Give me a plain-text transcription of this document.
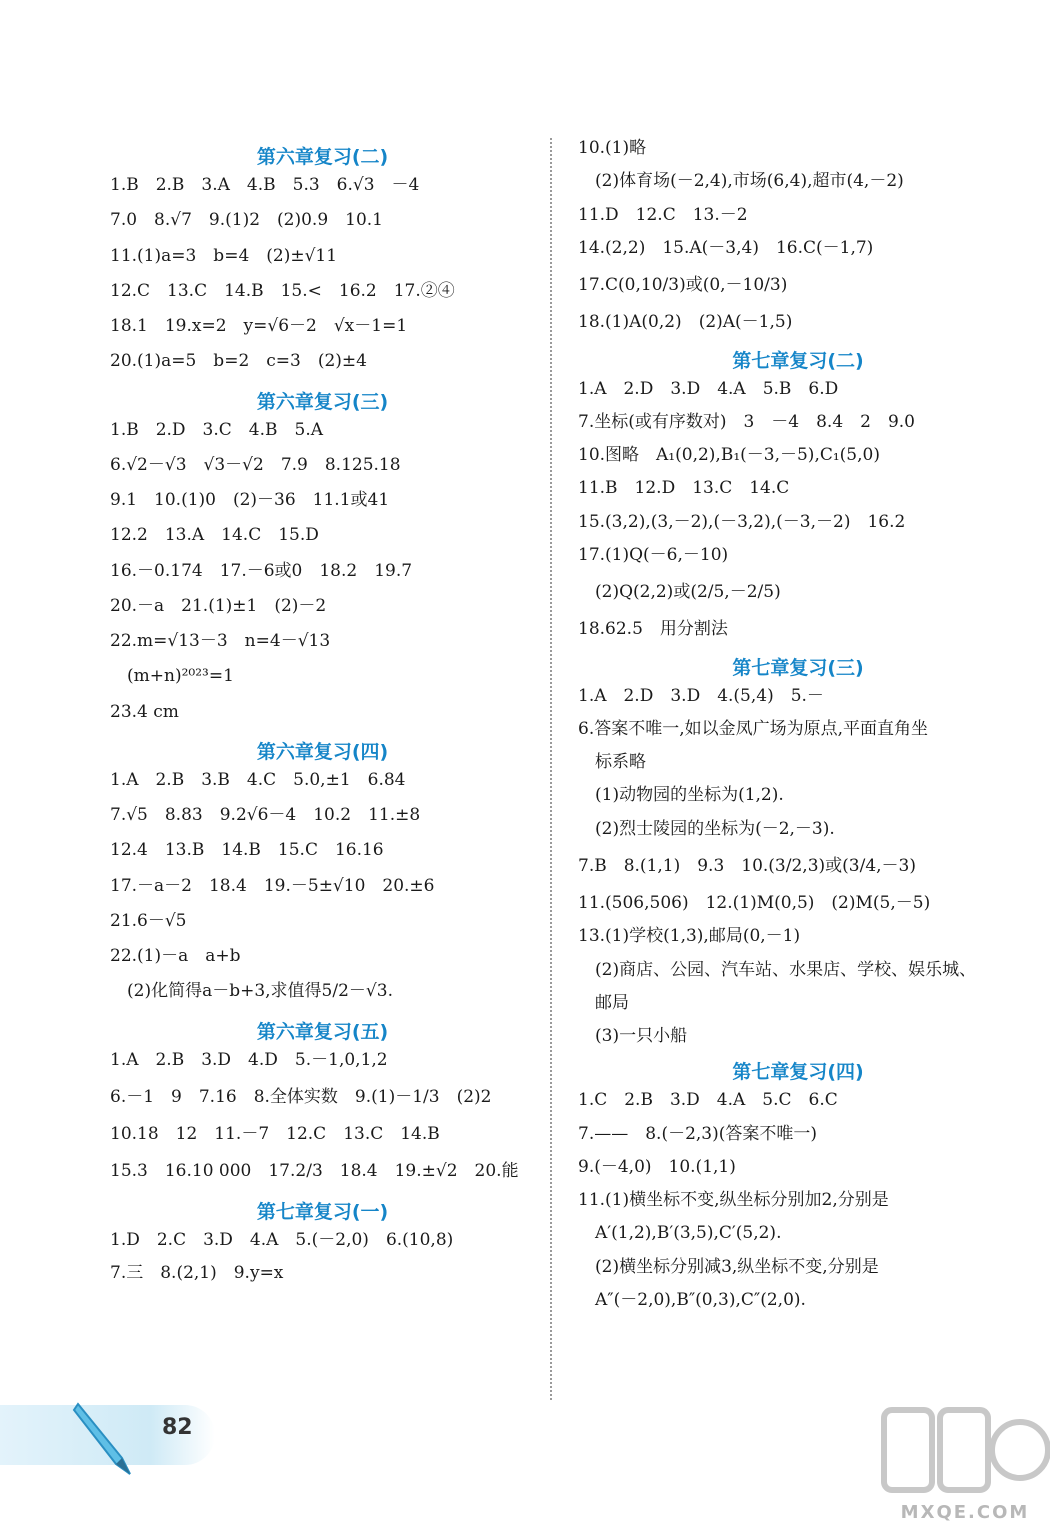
第六章复习(二)

1.B　2.B　3.A　4.B　5.3　6.√3　－4

7.0　8.√7　9.(1)2　(2)0.9　10.1

11.(1)a=3　b=4　(2)±√11

12.C　13.C　14.B　15.<　16.2　17.②④

18.1　19.x=2　y=√6－2　√x－1=1

20.(1)a=5　b=2　c=3　(2)±4

第六章复习(三)

1.B　2.D　3.C　4.B　5.A

6.√2－√3　√3－√2　7.9　8.125.18

9.1　10.(1)0　(2)－36　11.1或41

12.2　13.A　14.C　15.D

16.－0.174　17.－6或0　18.2　19.7

20.－a　21.(1)±1　(2)－2

22.m=√13－3　n=4－√13

　(m+n)²⁰²³=1

23.4 cm

第六章复习(四)

1.A　2.B　3.B　4.C　5.0,±1　6.84

7.√5　8.83　9.2√6－4　10.2　11.±8

12.4　13.B　14.B　15.C　16.16

17.－a－2　18.4　19.－5±√10　20.±6

21.6－√5

22.(1)－a　a+b

　(2)化简得a－b+3,求值得5/2－√3.

第六章复习(五)

1.A　2.B　3.D　4.D　5.－1,0,1,2

6.－1　9　7.16　8.全体实数　9.(1)－1/3　(2)2

10.18　12　11.－7　12.C　13.C　14.B

15.3　16.10 000　17.2/3　18.4　19.±√2　20.能

第七章复习(一)

1.D　2.C　3.D　4.A　5.(－2,0)　6.(10,8)

7.三　8.(2,1)　9.y=x

10.(1)略

　(2)体育场(－2,4),市场(6,4),超市(4,－2)

11.D　12.C　13.－2

14.(2,2)　15.A(－3,4)　16.C(－1,7)

17.C(0,10/3)或(0,－10/3)

18.(1)A(0,2)　(2)A(－1,5)

第七章复习(二)

1.A　2.D　3.D　4.A　5.B　6.D

7.坐标(或有序数对)　3　－4　8.4　2　9.0

10.图略　A₁(0,2),B₁(－3,－5),C₁(5,0)

11.B　12.D　13.C　14.C

15.(3,2),(3,－2),(－3,2),(－3,－2)　16.2

17.(1)Q(－6,－10)

　(2)Q(2,2)或(2/5,－2/5)

18.62.5　用分割法

第七章复习(三)

1.A　2.D　3.D　4.(5,4)　5.－

6.答案不唯一,如以金凤广场为原点,平面直角坐

　标系略

　(1)动物园的坐标为(1,2).

　(2)烈士陵园的坐标为(－2,－3).

7.B　8.(1,1)　9.3　10.(3/2,3)或(3/4,－3)

11.(506,506)　12.(1)M(0,5)　(2)M(5,－5)

13.(1)学校(1,3),邮局(0,－1)

　(2)商店、公园、汽车站、水果店、学校、娱乐城、

　邮局

　(3)一只小船

第七章复习(四)

1.C　2.B　3.D　4.A　5.C　6.C

7.——　8.(－2,3)(答案不唯一)

9.(－4,0)　10.(1,1)

11.(1)横坐标不变,纵坐标分别加2,分别是

　A′(1,2),B′(3,5),C′(5,2).

　(2)横坐标分别减3,纵坐标不变,分别是

　A″(－2,0),B″(0,3),C″(2,0).

82
MXQE.COM
